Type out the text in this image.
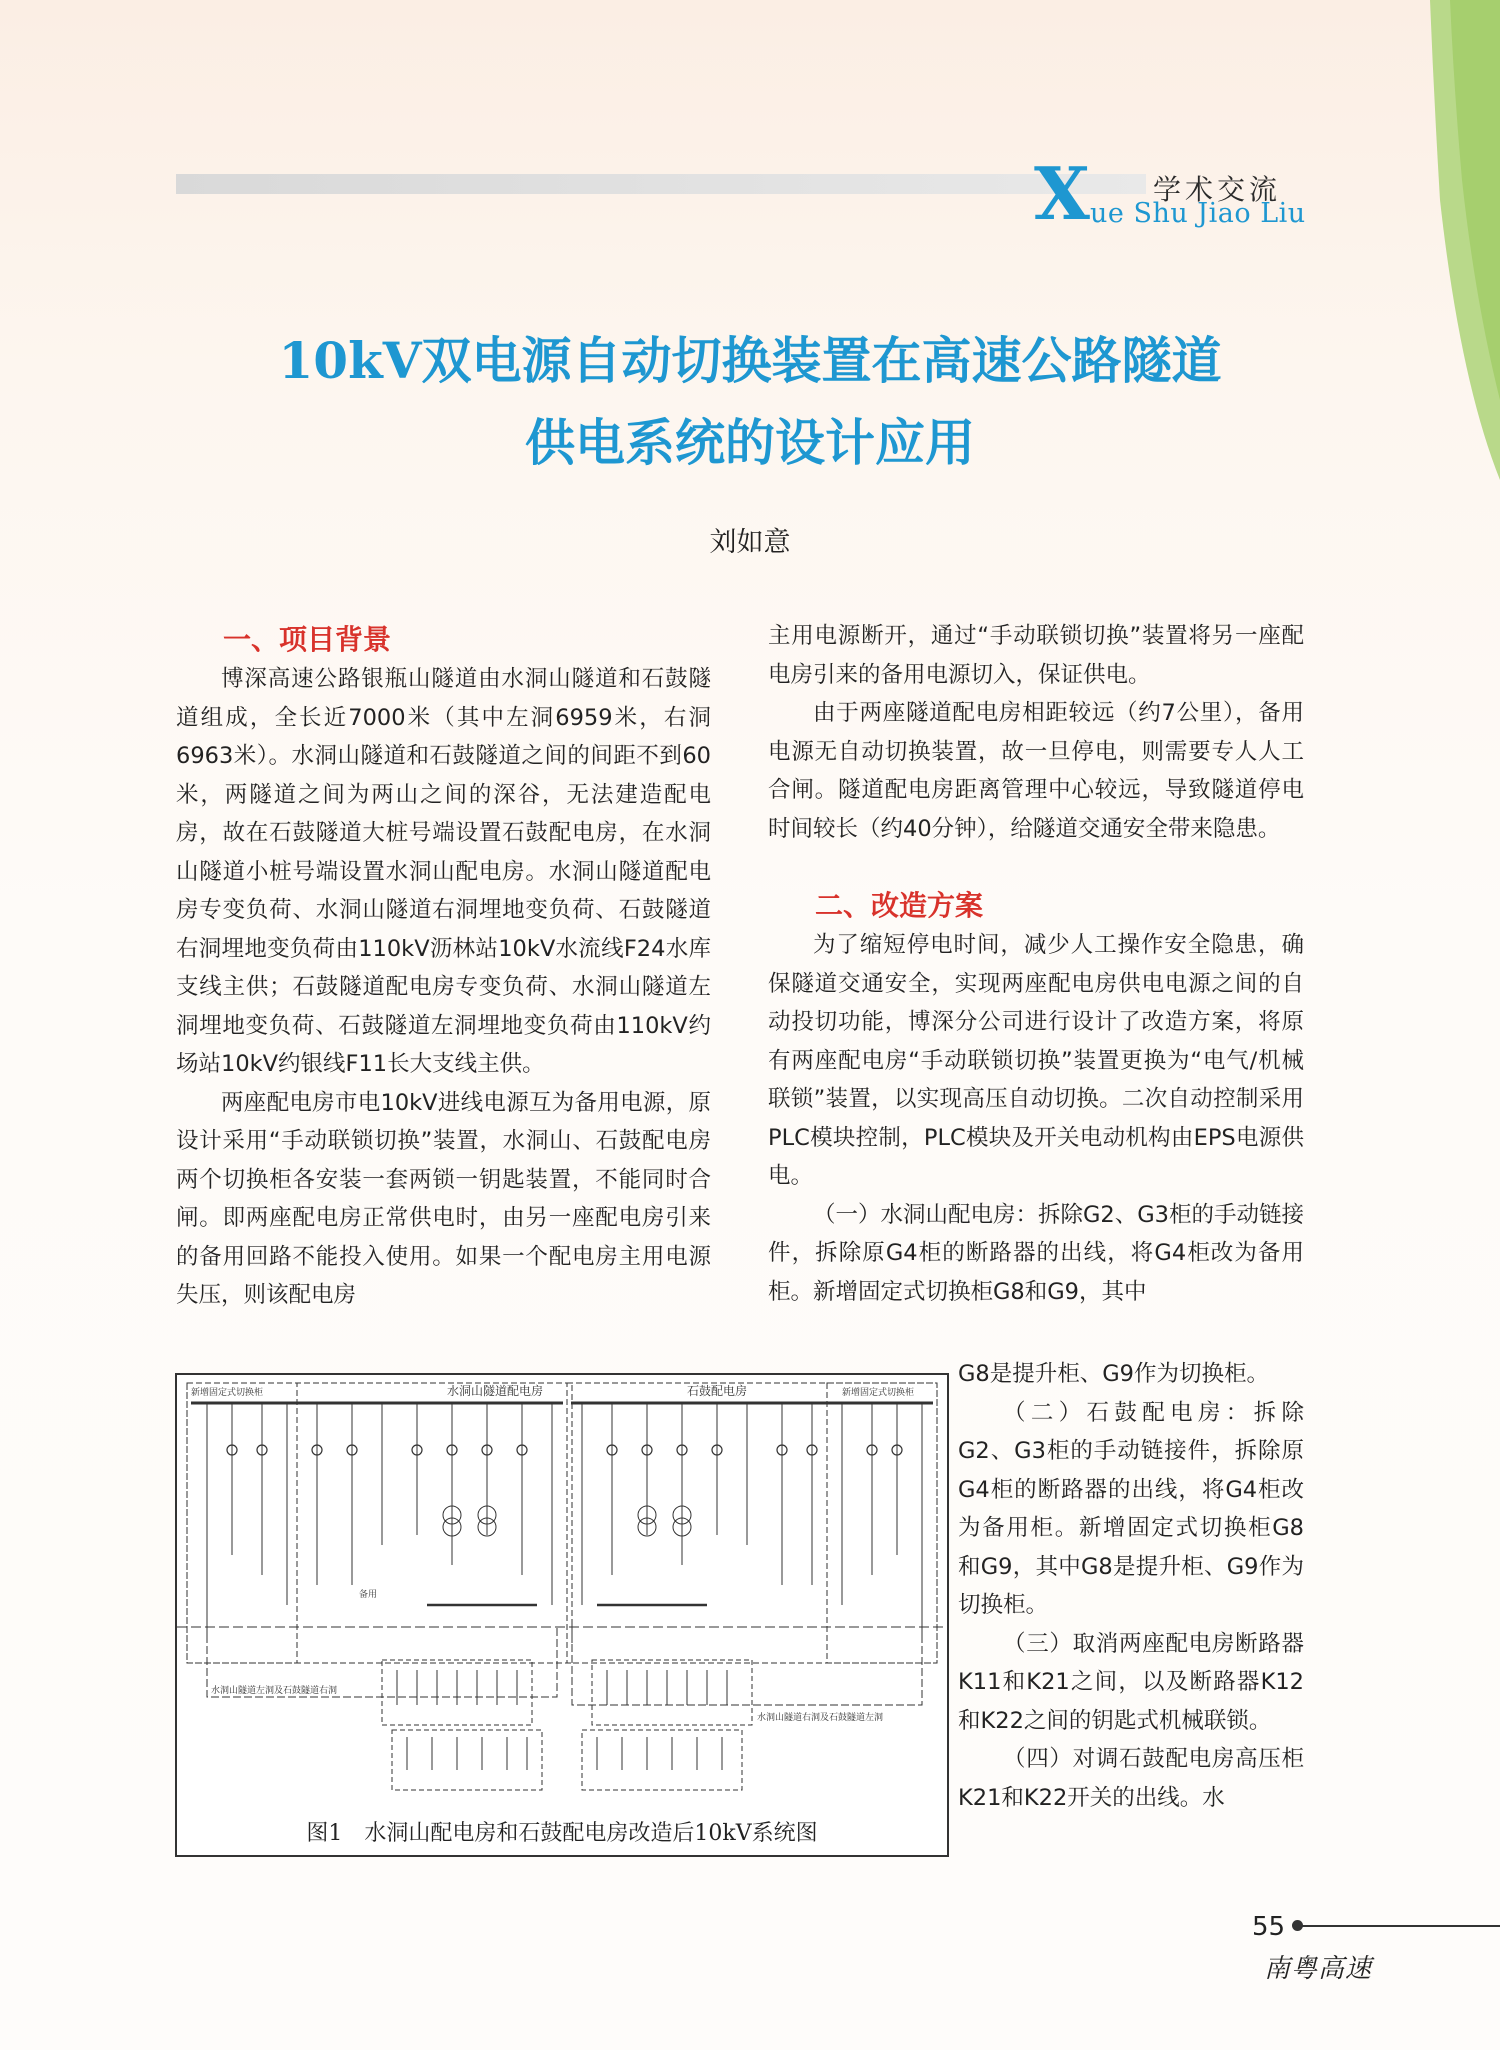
X 学术交流
ue Shu Jiao Liu
10kV双电源自动切换装置在高速公路隧道
供电系统的设计应用
刘如意
一、项目背景

博深高速公路银瓶山隧道由水洞山隧道和石鼓隧道组成，全长近7000米（其中左洞6959米，右洞6963米）。水洞山隧道和石鼓隧道之间的间距不到60米，两隧道之间为两山之间的深谷，无法建造配电房，故在石鼓隧道大桩号端设置石鼓配电房，在水洞山隧道小桩号端设置水洞山配电房。水洞山隧道配电房专变负荷、水洞山隧道右洞埋地变负荷、石鼓隧道右洞埋地变负荷由110kV沥林站10kV水流线F24水库支线主供；石鼓隧道配电房专变负荷、水洞山隧道左洞埋地变负荷、石鼓隧道左洞埋地变负荷由110kV约场站10kV约银线F11长大支线主供。

两座配电房市电10kV进线电源互为备用电源，原设计采用“手动联锁切换”装置，水洞山、石鼓配电房两个切换柜各安装一套两锁一钥匙装置，不能同时合闸。即两座配电房正常供电时，由另一座配电房引来的备用回路不能投入使用。如果一个配电房主用电源失压，则该配电房

主用电源断开，通过“手动联锁切换”装置将另一座配电房引来的备用电源切入，保证供电。

由于两座隧道配电房相距较远（约7公里），备用电源无自动切换装置，故一旦停电，则需要专人人工合闸。隧道配电房距离管理中心较远，导致隧道停电时间较长（约40分钟），给隧道交通安全带来隐患。

二、改造方案

为了缩短停电时间，减少人工操作安全隐患，确保隧道交通安全，实现两座配电房供电电源之间的自动投切功能，博深分公司进行设计了改造方案，将原有两座配电房“手动联锁切换”装置更换为“电气/机械联锁”装置，以实现高压自动切换。二次自动控制采用PLC模块控制，PLC模块及开关电动机构由EPS电源供电。

（一）水洞山配电房：拆除G2、G3柜的手动链接件，拆除原G4柜的断路器的出线，将G4柜改为备用柜。新增固定式切换柜G8和G9，其中

G8是提升柜、G9作为切换柜。

（二）石鼓配电房：拆除G2、G3柜的手动链接件，拆除原G4柜的断路器的出线，将G4柜改为备用柜。新增固定式切换柜G8和G9，其中G8是提升柜、G9作为切换柜。

（三）取消两座配电房断路器K11和K21之间，以及断路器K12和K22之间的钥匙式机械联锁。

（四）对调石鼓配电房高压柜K21和K22开关的出线。水

水洞山隧道配电房	石鼓配电房
新增固定式切换柜	新增固定式切换柜
水洞山隧道左洞及石鼓隧道右洞
水洞山隧道右洞及石鼓隧道左洞
备用
图1　水洞山配电房和石鼓配电房改造后10kV系统图
55
南粤高速
